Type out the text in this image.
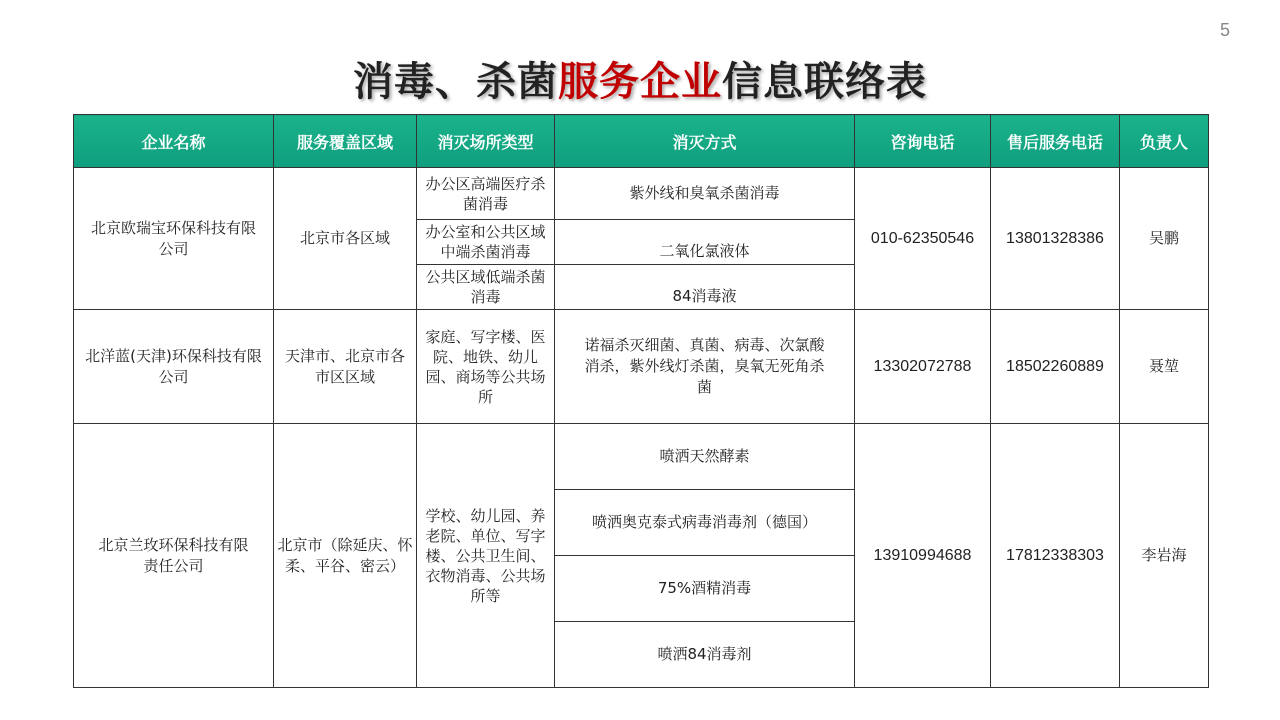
5
消毒、杀菌服务企业信息联络表
企业名称	服务覆盖区域	消灭场所类型	消灭方式	咨询电话	售后服务电话	负责人
北京欧瑞宝环保科技有限公司	北京市各区域	办公区高端医疗杀菌消毒	紫外线和臭氧杀菌消毒	010-62350546	13801328386	吴鹏
		办公室和公共区域中端杀菌消毒	二氧化氯液体			
		公共区域低端杀菌消毒	84消毒液			
北洋蓝(天津)环保科技有限公司	天津市、北京市各市区区域	家庭、写字楼、医院、地铁、幼儿园、商场等公共场所	诺福杀灭细菌、真菌、病毒、次氯酸消杀，紫外线灯杀菌，臭氧无死角杀菌	13302072788	18502260889	聂堃
北京兰玫环保科技有限责任公司	北京市（除延庆、怀柔、平谷、密云）	学校、幼儿园、养老院、单位、写字楼、公共卫生间、衣物消毒、公共场所等	喷洒天然酵素	13910994688	17812338303	李岩海
			喷洒奥克泰式病毒消毒剂（德国）			
			75%酒精消毒			
			喷洒84消毒剂			
